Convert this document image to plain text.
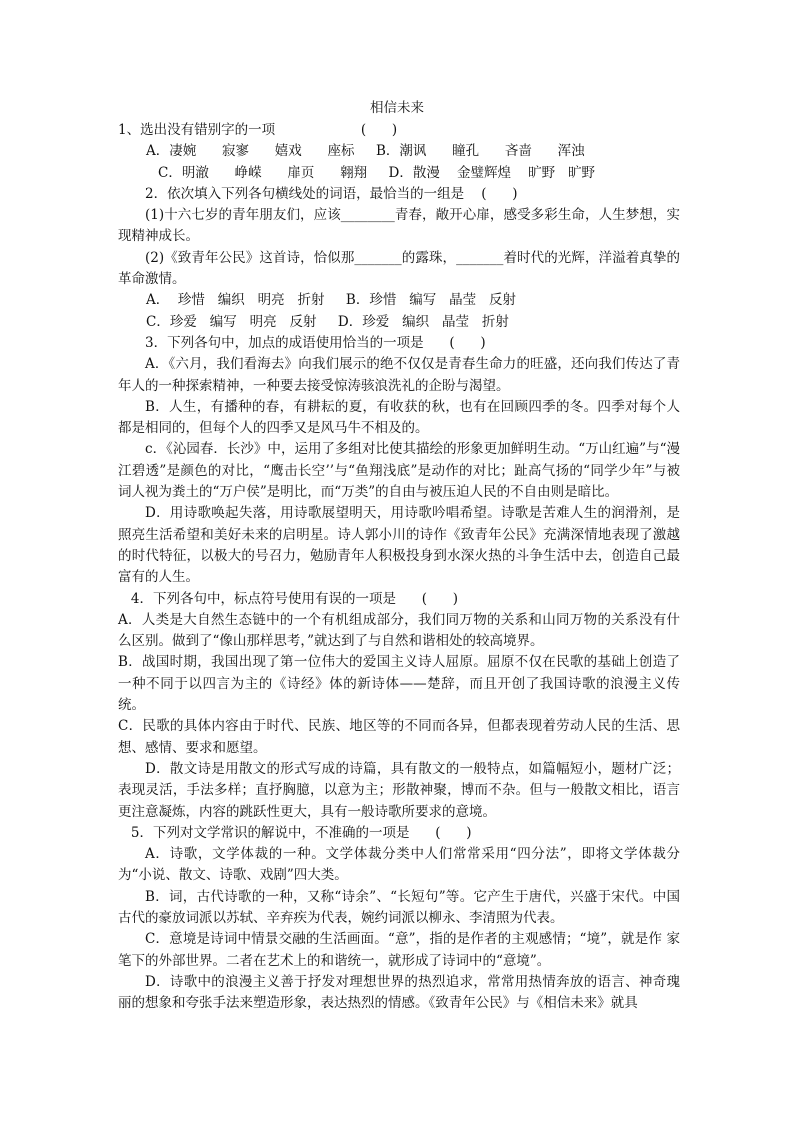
相信未来

1、选出没有错别字的一项                    (      )

A．凄婉      寂寥      嬉戏      座标     B．潮讽      瞳孔      吝啬      浑浊

C．明澈      峥嵘      扉页      翱翔     D．散漫    金璧辉煌    旷野   旷野

2．依次填入下列各句横线处的词语，最恰当的一组是    (      )

(1)十六七岁的青年朋友们，应该________青春，敞开心扉，感受多彩生命，人生梦想，实现精神成长。

(2)《致青年公民》这首诗，恰似那_______的露珠，_______着时代的光辉，洋溢着真挚的革命激情。

A．  珍惜   编织   明亮   折射     B．珍惜   编写   晶莹   反射

C．珍爱   编写   明亮   反射     D．珍爱   编织   晶莹   折射

3．下列各句中，加点的成语使用恰当的一项是      (      )

A．《六月，我们看海去》向我们展示的绝不仅仅是青春生命力的旺盛，还向我们传达了青年人的一种探索精神，一种要去接受惊涛骇浪洗礼的企盼与渴望。

B．人生，有播种的春，有耕耘的夏，有收获的秋，也有在回顾四季的冬。四季对每个人都是相同的，但每个人的四季又是风马牛不相及的。

c．《沁园春．长沙》中，运用了多组对比使其描绘的形象更加鲜明生动。“万山红遍”与“漫江碧透”是颜色的对比，“鹰击长空’’与“鱼翔浅底”是动作的对比；趾高气扬的“同学少年”与被词人视为粪土的“万户侯”是明比，而“万类”的自由与被压迫人民的不自由则是暗比。

D．用诗歌唤起失落，用诗歌展望明天，用诗歌吟唱希望。诗歌是苦难人生的润滑剂，是照亮生活希望和美好未来的启明星。诗人郭小川的诗作《致青年公民》充满深情地表现了激越的时代特征，以极大的号召力，勉励青年人积极投身到水深火热的斗争生活中去，创造自己最富有的人生。

4．下列各句中，标点符号使用有误的一项是      (      )

A．人类是大自然生态链中的一个有机组成部分，我们同万物的关系和山同万物的关系没有什么区别。做到了“像山那样思考，”就达到了与自然和谐相处的较高境界。

B．战国时期，我国出现了第一位伟大的爱国主义诗人屈原。屈原不仅在民歌的基础上创造了一种不同于以四言为主的《诗经》体的新诗体——楚辞，而且开创了我国诗歌的浪漫主义传统。

C．民歌的具体内容由于时代、民族、地区等的不同而各异，但都表现着劳动人民的生活、思想、感情、要求和愿望。

D．散文诗是用散文的形式写成的诗篇，具有散文的一般特点，如篇幅短小，题材广泛；表现灵活，手法多样；直抒胸臆，以意为主；形散神聚，博而不杂。但与一般散文相比，语言更注意凝炼，内容的跳跃性更大，具有一般诗歌所要求的意境。

5．下列对文学常识的解说中，不准确的一项是      (      )

A．诗歌，文学体裁的一种。文学体裁分类中人们常常采用“四分法”，即将文学体裁分为“小说、散文、诗歌、戏剧”四大类。

B．词，古代诗歌的一种，又称“诗余”、“长短句”等。它产生于唐代，兴盛于宋代。中国古代的豪放词派以苏轼、辛弃疾为代表，婉约词派以柳永、李清照为代表。

C．意境是诗词中情景交融的生活画面。“意”，指的是作者的主观感情；“境”，就是作 家笔下的外部世界。二者在艺术上的和谐统一，就形成了诗词中的“意境”。

D．诗歌中的浪漫主义善于抒发对理想世界的热烈追求，常常用热情奔放的语言、神奇瑰丽的想象和夸张手法来塑造形象，表达热烈的情感。《致青年公民》与《相信未来》就具
